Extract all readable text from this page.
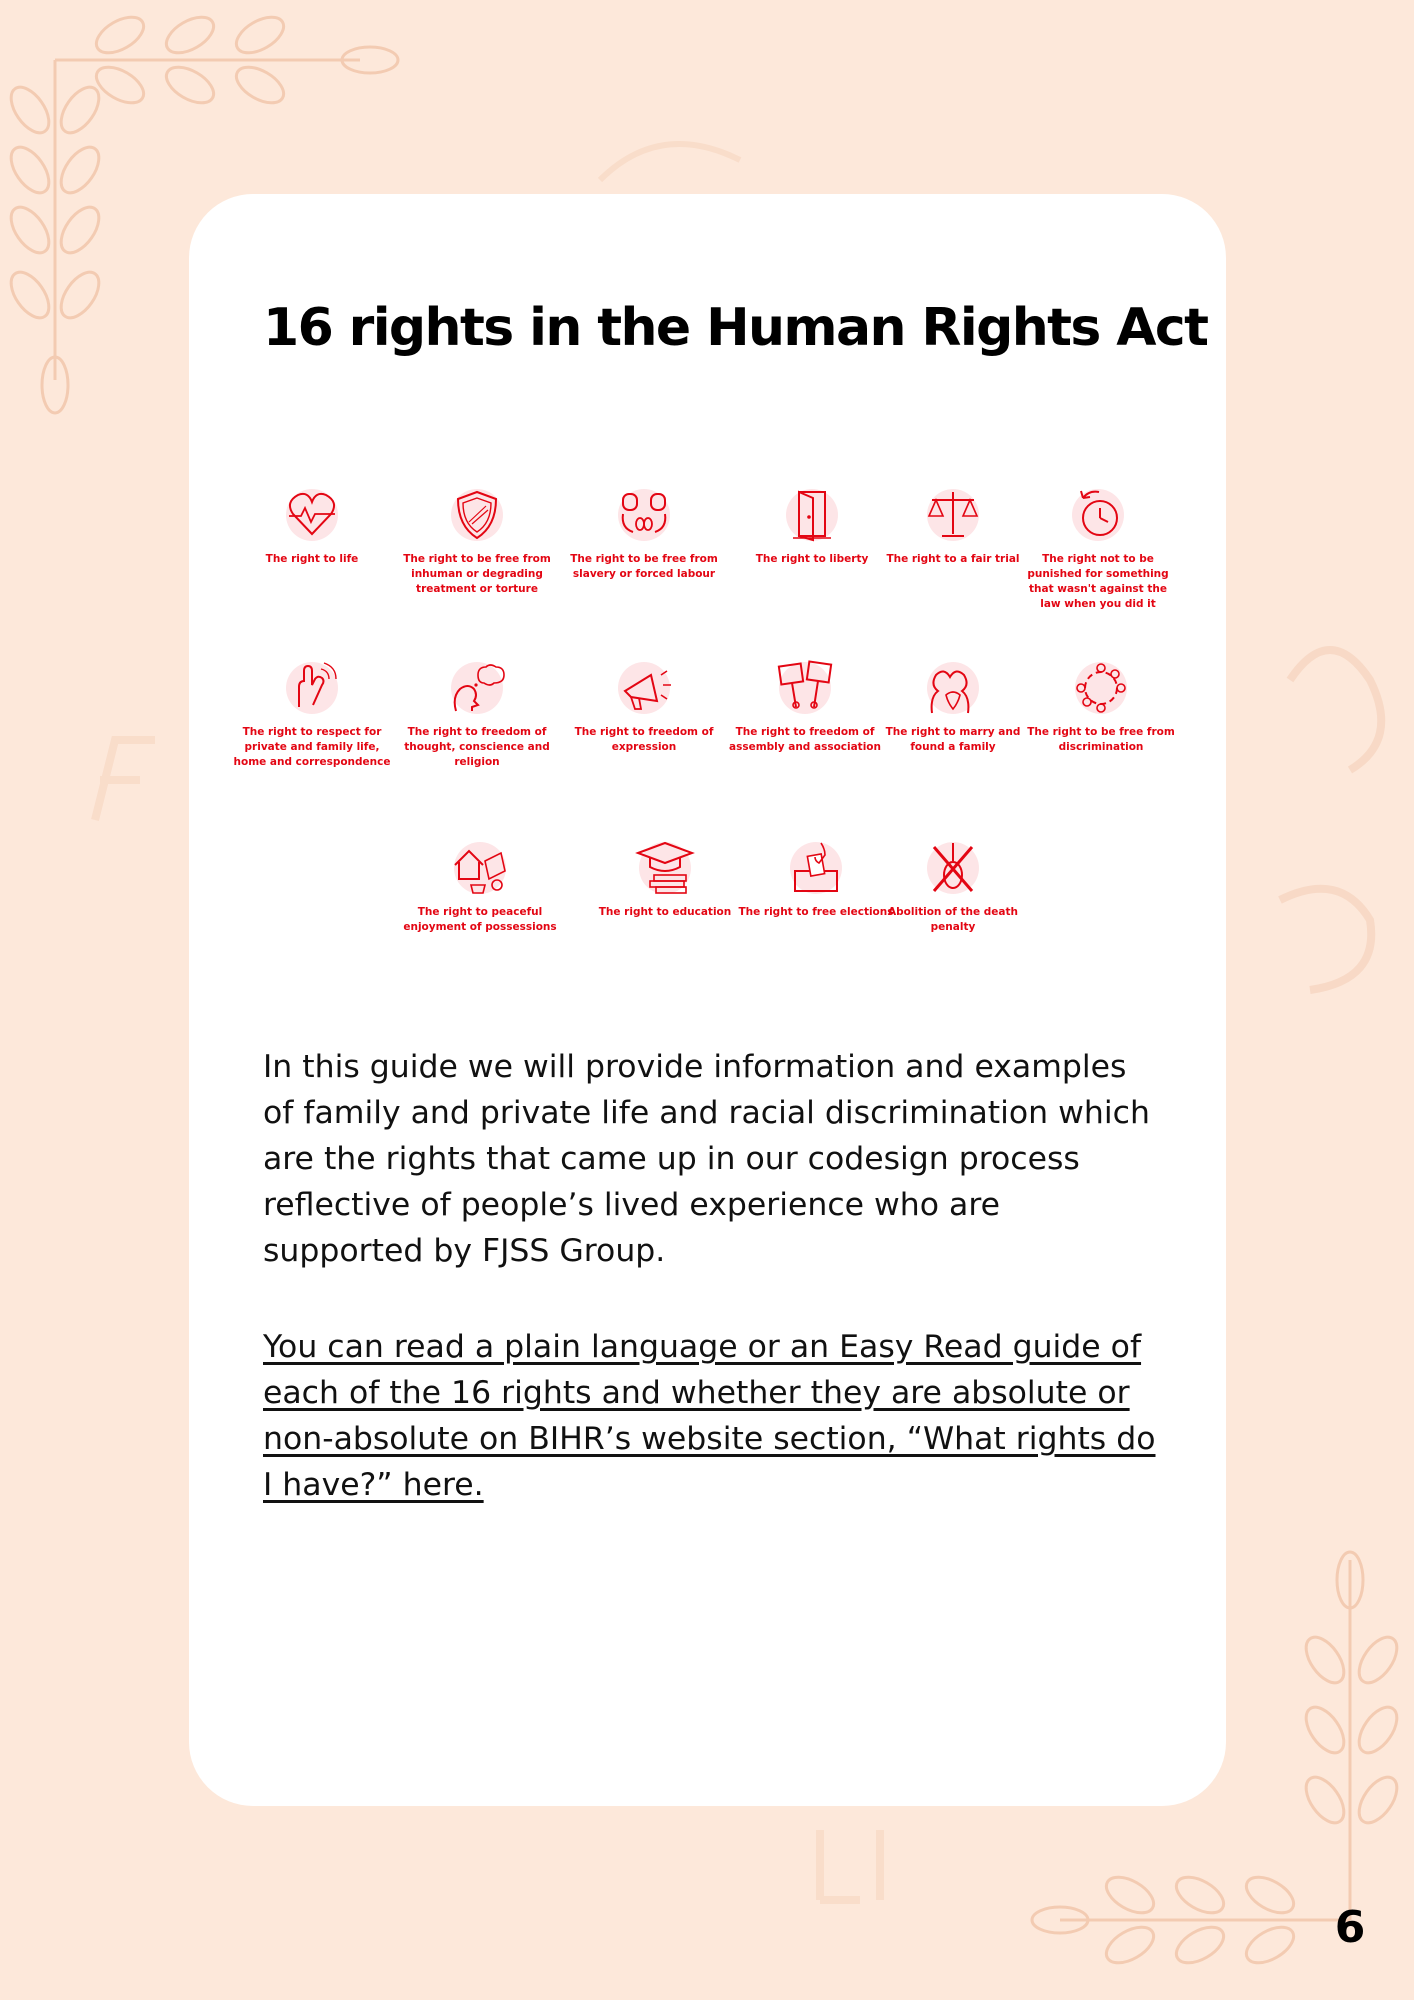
16 rights in the Human Rights Act
The right to life	The right to be free from inhuman or degrading treatment or torture
The right to be free from slavery or forced labour
The right to liberty	The right to a fair trial	The right not to be punished for something that wasn't against the law when you did it
The right to respect for private and family life, home and correspondence
The right to freedom of thought, conscience and religion
The right to freedom of expression
The right to freedom of assembly and association
The right to marry and found a family
The right to be free from discrimination
The right to peaceful enjoyment of possessions
The right to education The right to free elections
Abolition of the death penalty

In this guide we will provide information and examples of family and private life and racial discrimination which are the rights that came up in our codesign process reflective of people’s lived experience who are supported by FJSS Group.

You can read a plain language or an Easy Read guide of each of the 16 rights and whether they are absolute or non-absolute on BIHR’s website section, “What rights do I have?” here.

6
